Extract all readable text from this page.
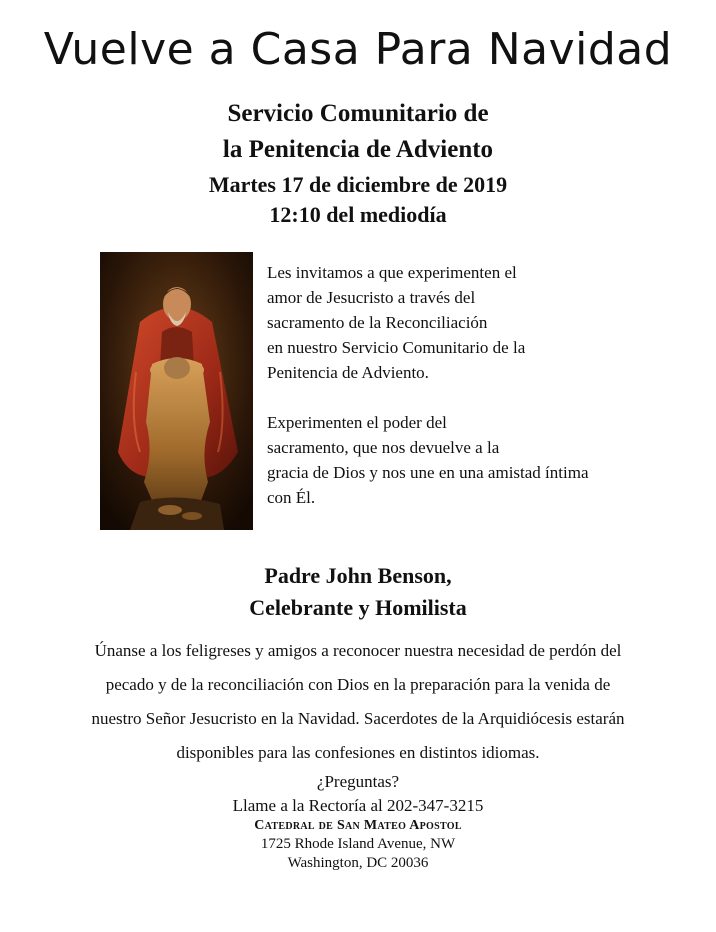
Vuelve a Casa Para Navidad
Servicio Comunitario de
la Penitencia de Adviento
Martes 17 de diciembre de 2019
12:10 del mediodía
Les invitamos a que experimenten el
amor de Jesucristo a través del
sacramento de la Reconciliación
en nuestro Servicio Comunitario de la
Penitencia de Adviento.
Experimenten el poder del
sacramento, que nos devuelve a la
gracia de Dios y nos une en una amistad íntima
con Él.
Padre John Benson,
Celebrante y Homilista
Únanse a los feligreses y amigos a reconocer nuestra necesidad de perdón del
pecado y de la reconciliación con Dios en la preparación para la venida de
nuestro Señor Jesucristo en la Navidad. Sacerdotes de la Arquidiócesis estarán
disponibles para las confesiones en distintos idiomas.
¿Preguntas?
Llame a la Rectoría al 202-347-3215
Catedral de San Mateo Apostol
1725 Rhode Island Avenue, NW
Washington, DC 20036
